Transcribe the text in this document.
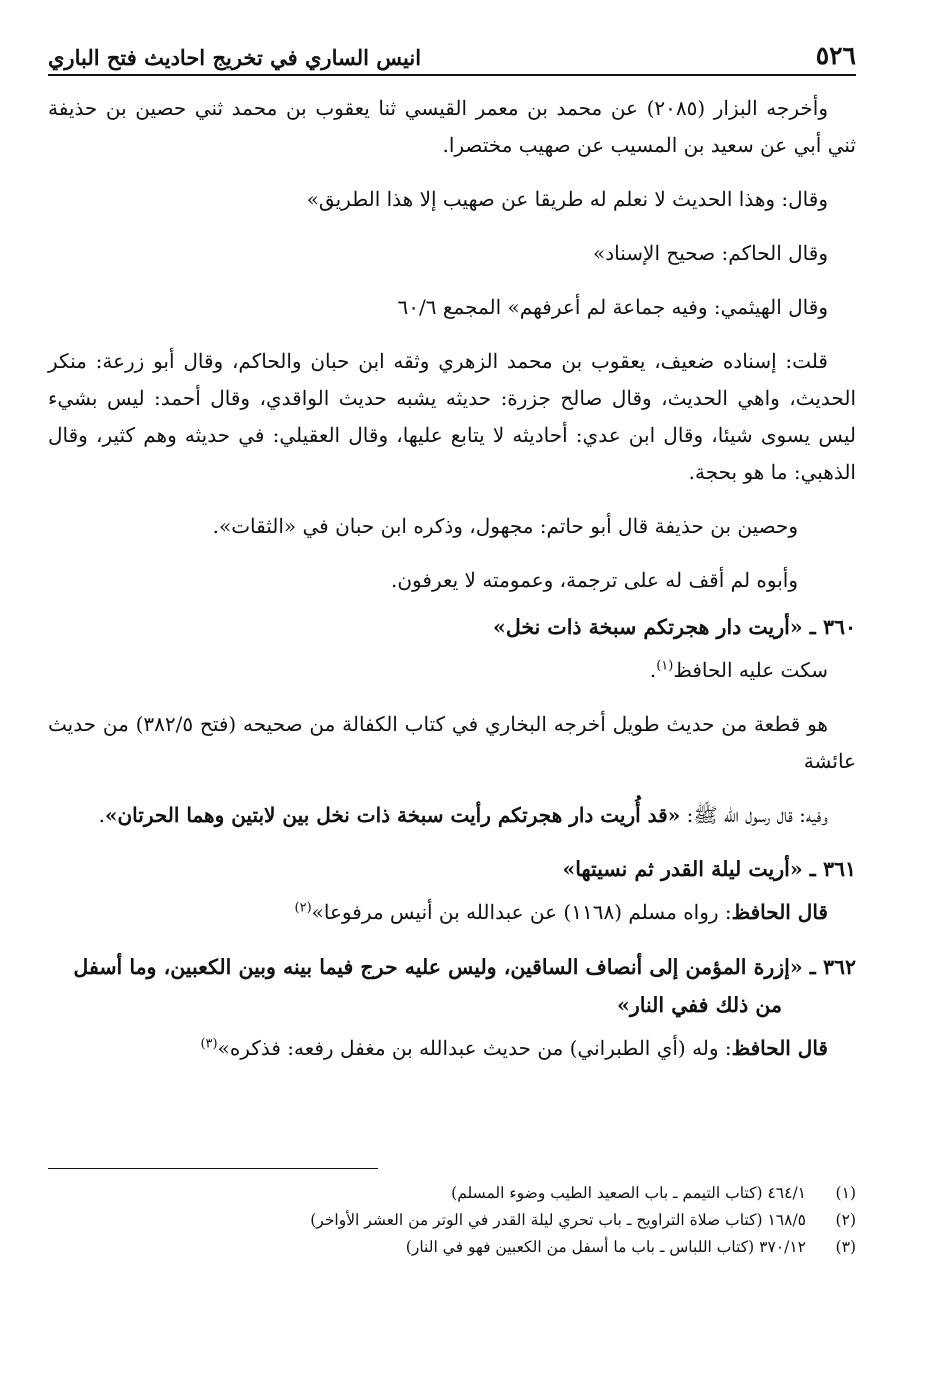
٥٢٦
انيس الساري في تخريج احاديث فتح الباري

وأخرجه البزار (٢٠٨٥) عن محمد بن معمر القيسي ثنا يعقوب بن محمد ثني حصين بن حذيفة ثني أبي عن سعيد بن المسيب عن صهيب مختصرا.

وقال: وهذا الحديث لا نعلم له طريقا عن صهيب إلا هذا الطريق»

وقال الحاكم: صحيح الإسناد»

وقال الهيثمي: وفيه جماعة لم أعرفهم» المجمع ٦٠/٦

قلت: إسناده ضعيف، يعقوب بن محمد الزهري وثقه ابن حبان والحاكم، وقال أبو زرعة: منكر الحديث، واهي الحديث، وقال صالح جزرة: حديثه يشبه حديث الواقدي، وقال أحمد: ليس بشيء ليس يسوى شيئا، وقال ابن عدي: أحاديثه لا يتابع عليها، وقال العقيلي: في حديثه وهم كثير، وقال الذهبي: ما هو بحجة.

وحصين بن حذيفة قال أبو حاتم: مجهول، وذكره ابن حبان في «الثقات».

وأبوه لم أقف له على ترجمة، وعمومته لا يعرفون.

٣٦٠ ـ «أريت دار هجرتكم سبخة ذات نخل»

سكت عليه الحافظ$^{(١)}$.

هو قطعة من حديث طويل أخرجه البخاري في كتاب الكفالة من صحيحه (فتح ٣٨٢/٥) من حديث عائشة

وفيه: قال رسول الله ﷺ: «قد أُريت دار هجرتكم رأيت سبخة ذات نخل بين لابتين وهما الحرتان».

٣٦١ ـ «أريت ليلة القدر ثم نسيتها»

قال الحافظ: رواه مسلم (١١٦٨) عن عبدالله بن أنيس مرفوعا»$^{(٢)}$

٣٦٢ ـ «إزرة المؤمن إلى أنصاف الساقين، وليس عليه حرج فيما بينه وبين الكعبين، وما أسفل من ذلك ففي النار»

قال الحافظ: وله (أي الطبراني) من حديث عبدالله بن مغفل رفعه: فذكره»$^{(٣)}$

(١)
٤٦٤/١ (كتاب التيمم ـ باب الصعيد الطيب وضوء المسلم)
(٢)
١٦٨/٥ (كتاب صلاة التراويح ـ باب تحري ليلة القدر في الوتر من العشر الأواخر)
(٣)
٣٧٠/١٢ (كتاب اللباس ـ باب ما أسفل من الكعبين فهو في النار)
